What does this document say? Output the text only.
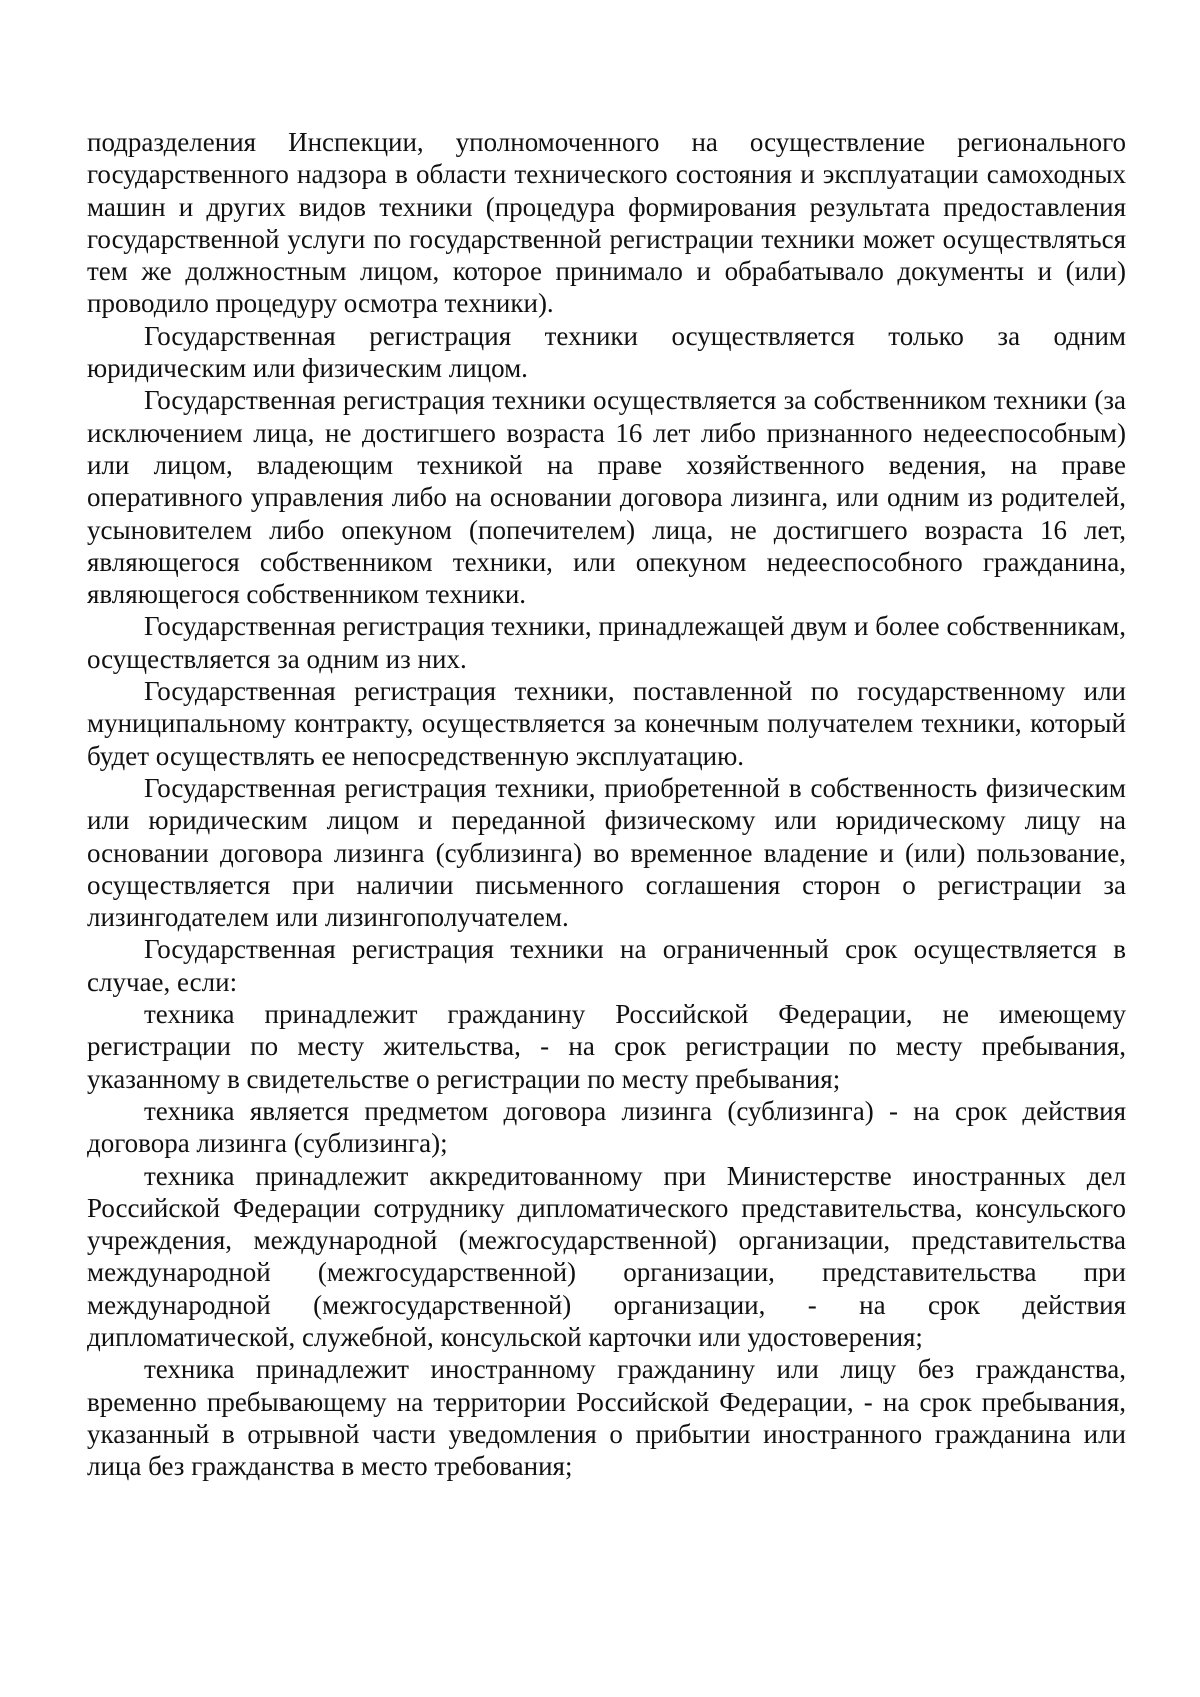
подразделения Инспекции, уполномоченного на осуществление регионального государственного надзора в области технического состояния и эксплуатации самоходных машин и других видов техники (процедура формирования результата предоставления государственной услуги по государственной регистрации техники может осуществляться тем же должностным лицом, которое принимало и обрабатывало документы и (или) проводило процедуру осмотра техники).

Государственная регистрация техники осуществляется только за одним юридическим или физическим лицом.

Государственная регистрация техники осуществляется за собственником техники (за исключением лица, не достигшего возраста 16 лет либо признанного недееспособным) или лицом, владеющим техникой на праве хозяйственного ведения, на праве оперативного управления либо на основании договора лизинга, или одним из родителей, усыновителем либо опекуном (попечителем) лица, не достигшего возраста 16 лет, являющегося собственником техники, или опекуном недееспособного гражданина, являющегося собственником техники.

Государственная регистрация техники, принадлежащей двум и более собственникам, осуществляется за одним из них.

Государственная регистрация техники, поставленной по государственному или муниципальному контракту, осуществляется за конечным получателем техники, который будет осуществлять ее непосредственную эксплуатацию.

Государственная регистрация техники, приобретенной в собственность физическим или юридическим лицом и переданной физическому или юридическому лицу на основании договора лизинга (сублизинга) во временное владение и (или) пользование, осуществляется при наличии письменного соглашения сторон о регистрации за лизингодателем или лизингополучателем.

Государственная регистрация техники на ограниченный срок осуществляется в случае, если:

техника принадлежит гражданину Российской Федерации, не имеющему регистрации по месту жительства, - на срок регистрации по месту пребывания, указанному в свидетельстве о регистрации по месту пребывания;

техника является предметом договора лизинга (сублизинга) - на срок действия договора лизинга (сублизинга);

техника принадлежит аккредитованному при Министерстве иностранных дел Российской Федерации сотруднику дипломатического представительства, консульского учреждения, международной (межгосударственной) организации, представительства международной (межгосударственной) организации, представительства при международной (межгосударственной) организации, - на срок действия дипломатической, служебной, консульской карточки или удостоверения;

техника принадлежит иностранному гражданину или лицу без гражданства, временно пребывающему на территории Российской Федерации, - на срок пребывания, указанный в отрывной части уведомления о прибытии иностранного гражданина или лица без гражданства в место требования;
